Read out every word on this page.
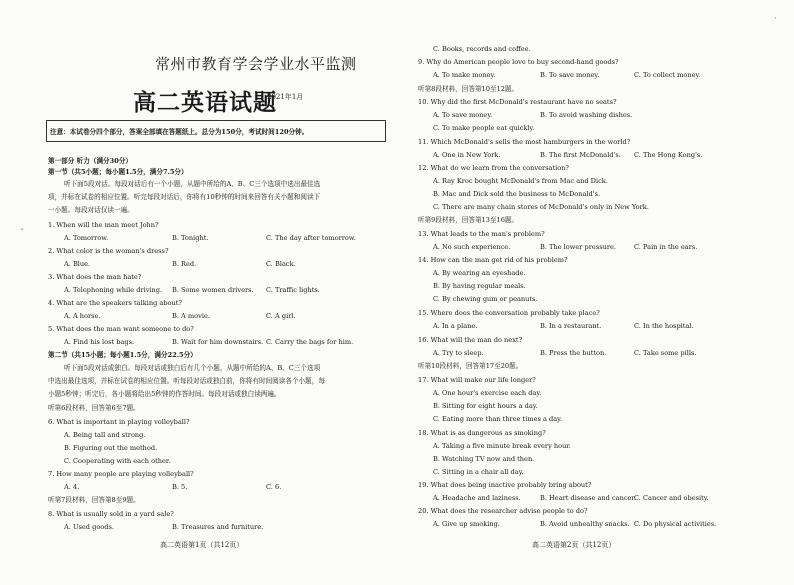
常州市教育学会学业水平监测
高二英语试题
2021年1月
注意：本试卷分四个部分，答案全部填在答题纸上。总分为150分，考试时间120分钟。
第一部分 听力（满分30分）
第一节（共5小题；每小题1.5分，满分7.5分）
听下面5段对话。每段对话后有一个小题，从题中所给的A、B、C三个选项中选出最佳选
项，并标在试卷的相应位置。听完每段对话后，你将有10秒钟的时间来回答有关小题和阅读下
一小题。每段对话仅读一遍。
1. When will the man meet John?
A. Tomorrow.	B. Tonight.	C. The day after tomorrow.
2. What color is the woman's dress?
A. Blue.	B. Red.	C. Black.
3. What does the man hate?
A. Telephoning while driving. B. Some women drivers. C. Traffic lights.
4. What are the speakers talking about?
A. A horse.	B. A movie.	C. A girl.
5. What does the man want someone to do?
A. Find his lost bags.	B. Wait for him downstairs. C. Carry the bags for him.
第二节（共15小题；每小题1.5分，满分22.5分）
听下面5段对话或独白。每段对话或独白后有几个小题，从题中所给的A、B、C三个选项
中选出最佳选项，并标在试卷的相应位置。听每段对话或独白前，你将有时间阅读各个小题，每
小题5秒钟；听完后，各小题将给出5秒钟的作答时间。每段对话或独白读两遍。
听第6段材料，回答第6至7题。
6. What is important in playing volleyball?
A. Being tall and strong.
B. Figuring out the method.
C. Cooperating with each other.
7. How many people are playing volleyball?
A. 4.	B. 5.	C. 6.
听第7段材料，回答第8至9题。
8. What is usually sold in a yard sale?
A. Used goods.	B. Treasures and furniture.
C. Books, records and coffee.
9. Why do American people love to buy second-hand goods?
A. To make money.	B. To save money.	C. To collect money.
听第8段材料，回答第10至12题。
10. Why did the first McDonald's restaurant have no seats?
A. To save money.	B. To avoid washing dishes.
C. To make people eat quickly.
11. Which McDonald's sells the most hamburgers in the world?
A. One in New York.	B. The first McDonald's. C. The Hong Kong's.
12. What do we learn from the conversation?
A. Ray Kroc bought McDonald's from Mac and Dick.
B. Mac and Dick sold the business to McDonald's.
C. There are many chain stores of McDonald's only in New York.
听第9段材料，回答第13至16题。
13. What leads to the man's problem?
A. No such experience.	B. The lower pressure.	C. Pain in the ears.
14. How can the man get rid of his problem?
A. By wearing an eyeshade.
B. By having regular meals.
C. By chewing gum or peanuts.
15. Where does the conversation probably take place?
A. In a plane.	B. In a restaurant.	C. In the hospital.
16. What will the man do next?
A. Try to sleep.	B. Press the button.	C. Take some pills.
听第10段材料，回答第17至20题。
17. What will make our life longer?
A. One hour's exercise each day.
B. Sitting for eight hours a day.
C. Eating more than three times a day.
18. What is as dangerous as smoking?
A. Taking a five minute break every hour.
B. Watching TV now and then.
C. Sitting in a chair all day.
19. What does being inactive probably bring about?
A. Headache and laziness.	B. Heart disease and cancer.
C. Cancer and obesity.
20. What does the researcher advise people to do?
A. Give up smoking.	B. Avoid unhealthy snacks. C. Do physical activities.
高二英语第1页（共12页）	高二英语第2页（共12页）
ˇ
·
